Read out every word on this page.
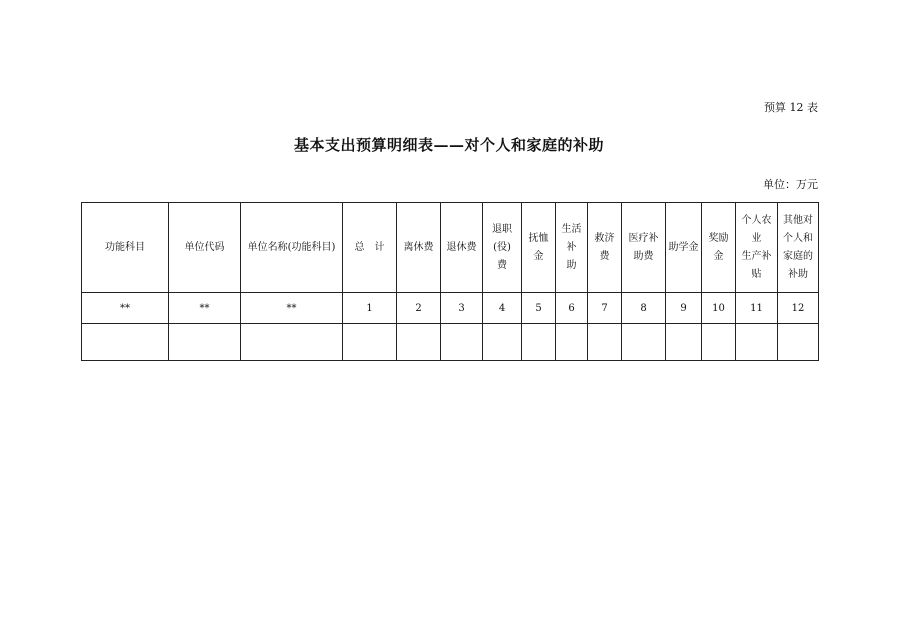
预算 12 表
基本支出预算明细表——对个人和家庭的补助
单位：万元
功能科目	单位代码	单位名称(功能科目)	总　计	离休费	退休费	退职(役)
费	抚恤金	生活补
助	救济费	医疗补
助费	助学金	奖励金	个人农业
生产补贴	其他对
个人和
家庭的
补助
**	**	**	1	2	3	4	5	6	7	8	9	10	11	12
